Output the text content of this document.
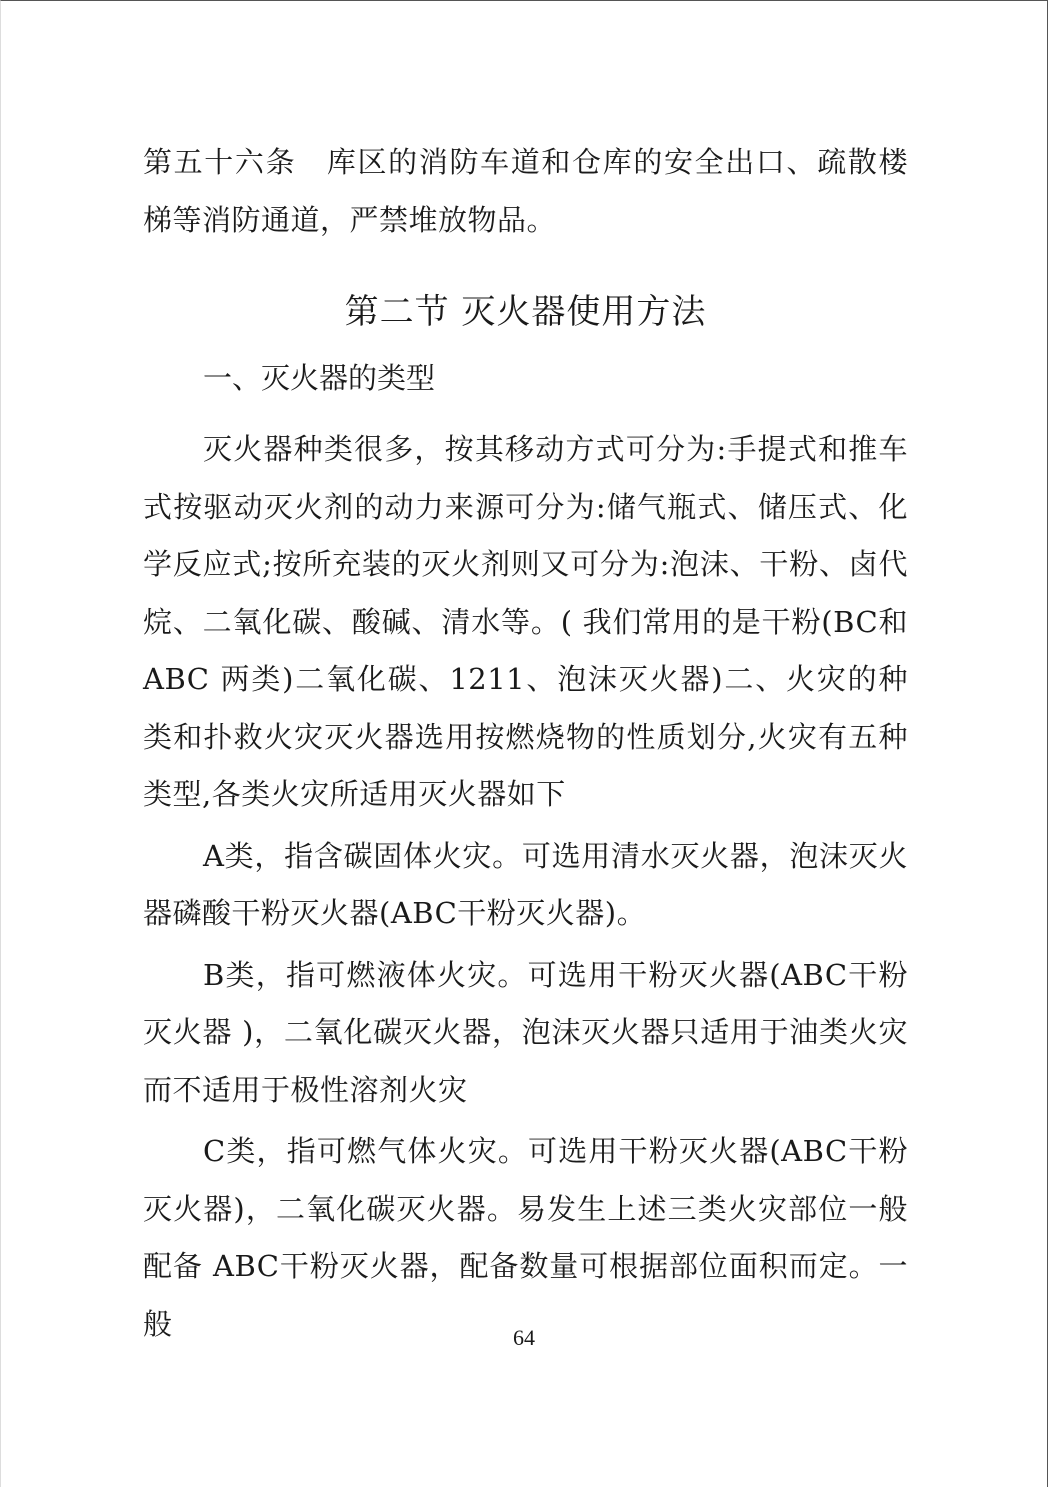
第五十六条  库区的消防车道和仓库的安全出口、疏散楼梯等消防通道，严禁堆放物品。

第二节 灭火器使用方法
一、灭火器的类型

灭火器种类很多，按其移动方式可分为:手提式和推车式按驱动灭火剂的动力来源可分为:储气瓶式、储压式、化学反应式;按所充装的灭火剂则又可分为:泡沫、干粉、卤代烷、二氧化碳、酸碱、清水等。( 我们常用的是干粉(BC和ABC 两类)二氧化碳、1211、泡沫灭火器)二、火灾的种类和扑救火灾灭火器选用按燃烧物的性质划分,火灾有五种类型,各类火灾所适用灭火器如下

A类，指含碳固体火灾。可选用清水灭火器，泡沫灭火器磷酸干粉灭火器(ABC干粉灭火器)。

B类，指可燃液体火灾。可选用干粉灭火器(ABC干粉灭火器 )，二氧化碳灭火器，泡沫灭火器只适用于油类火灾而不适用于极性溶剂火灾

C类，指可燃气体火灾。可选用干粉灭火器(ABC干粉灭火器)，二氧化碳灭火器。易发生上述三类火灾部位一般配备 ABC干粉灭火器，配备数量可根据部位面积而定。一般	64
